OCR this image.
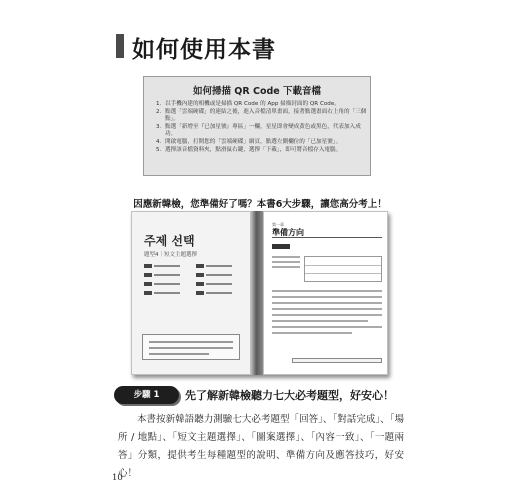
如何使用本書
如何掃描 QR Code 下載音檔
1. 以手機內建的相機或是掃描 QR Code 的 App 掃描封面的 QR Code。
2. 點選「雲端硬碟」的連結之後，進入音檔清單畫面，接著點選畫面右上角的「三個點」。
3. 點選「新增至『已加星號』專區」一欄，星星即會變成黃色或黑色，代表加入成功。
4. 開啟電腦，打開您的「雲端硬碟」網頁，點選左側欄位的「已加星號」。
5. 選擇該音檔資料夾，點滑鼠右鍵，選擇「下載」，即可將音檔存入電腦。
因應新韓檢，您準備好了嗎？本書6大步驟，讓您高分考上！
주제 선택
題型4｜短文主題選擇
第一章
準備方向
步驟 1	先了解新韓檢聽力七大必考題型，好安心！

本書按新韓語聽力測驗七大必考題型「回答」、「對話完成」、「場所 / 地點」、「短文主題選擇」、「圖案選擇」、「內容一致」、「一題兩答」分類，提供考生每種題型的說明、準備方向及應答技巧，好安心！

10
